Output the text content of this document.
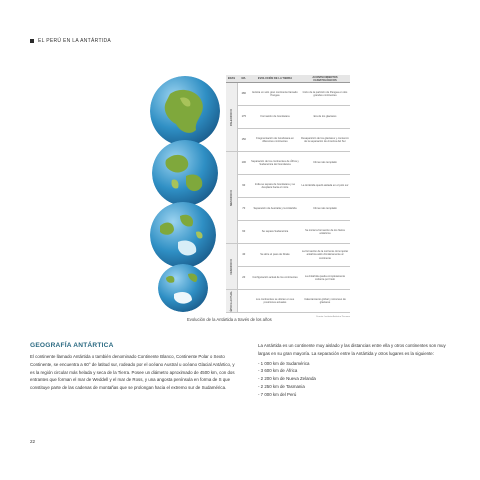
EL PERÚ EN LA ANTÁRTIDA
ERAS	MA	EVOLUCIÓN DE LA TIERRA	ACONTECIMIENTOS CLIMATOLÓGICOS

PALEOZOICO	280	Existía un solo gran continente llamado Pangea	Inicio de la partición de Pangea en dos grandes continentes
	175	Formación de Gondwana	Era de los glaciares
	150	Fragmentación de Gondwana en diferentes continentes	Desaparición de los glaciares y comienzo de la separación de América del Sur

MESOZOICO	100	Separación de los continentes de África y Sudamérica del Gondwana	Clima más templado
	90	India se separa de Gondwana y se desplaza hacia el norte	La Antártida quedó aislada en el polo sur
	70	Separación de Australia y la Antártida	Clima más templado
	60	Se separa Sudamérica	Se inicia la formación de los hielos antárticos

CENOZOICO	40	Se abre el paso de Drake	La formación de la corriente circumpolar antártica aisló climáticamente al continente
	20	Configuración actual de los continentes	La Antártida queda completamente cubierta por hielo

ÉPOCA ACTUAL		Los continentes se ubican en sus posiciones actuales	Calentamiento global y retroceso de glaciares
Fuente: Instituto Antártico Peruano
Evolución de la Antártida a través de los años
GEOGRAFÍA ANTÁRTICA

El continente llamado Antártida o también denominado Continente Blanco, Continente Polar o Sexto Continente, se encuentra a 60° de latitud sur, rodeado por el océano Austral u océano Glacial Antártico, y es la región circular más helada y seca de la Tierra. Posee un diámetro aproximado de 4500 km, con dos entrantes que forman el mar de Weddell y el mar de Ross, y una angosta península en forma de S que constituye parte de las cadenas de montañas que se prolongan hacia el extremo sur de Sudamérica.

La Antártida es un continente muy aislado y las distancias entre ella y otros continentes son muy largas en su gran mayoría. La separación entre la Antártida y otros lugares es la siguiente:

- 1 000 km de Sudamérica
- 3 600 km de África
- 2 200 km de Nueva Zelanda
- 2 250 km de Tasmania
- 7 000 km del Perú
22
